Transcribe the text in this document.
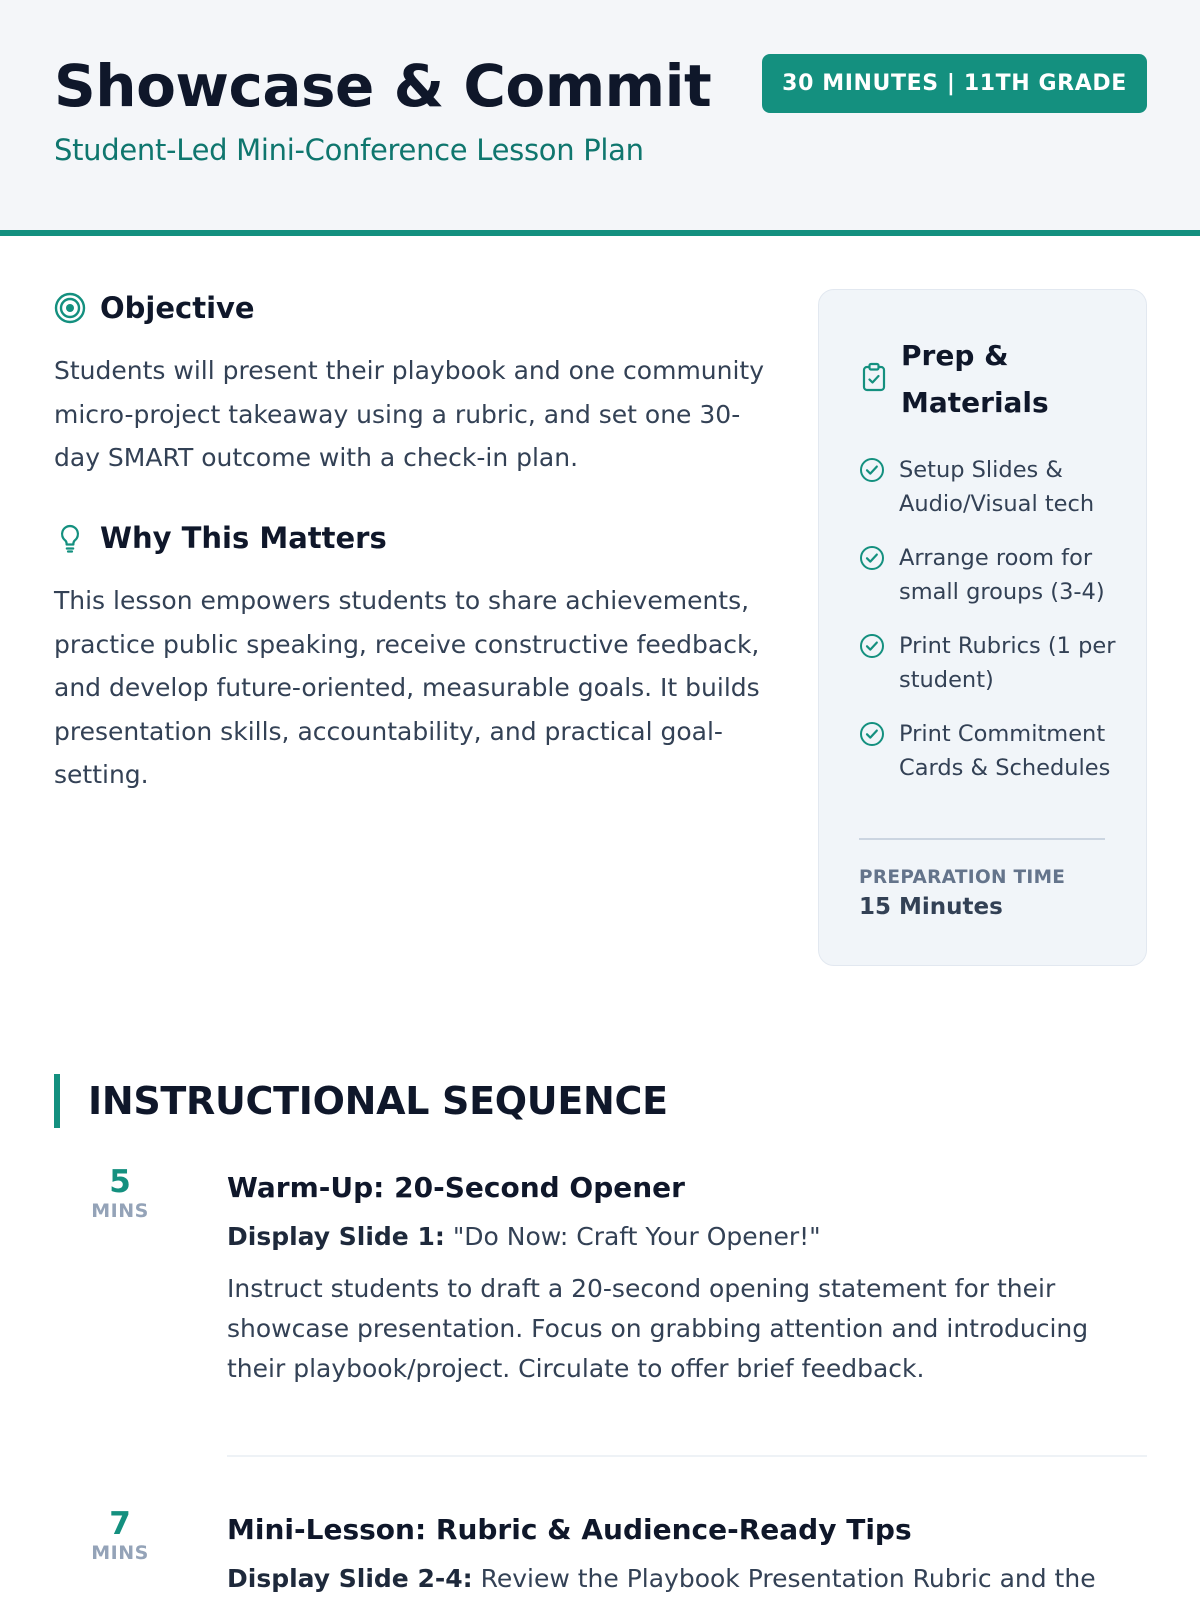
Showcase & Commit
Student-Led Mini-Conference Lesson Plan
30 MINUTES | 11TH GRADE
Objective
Students will present their playbook and one community micro-project takeaway using a rubric, and set one 30-day SMART outcome with a check-in plan.
Why This Matters
This lesson empowers students to share achievements, practice public speaking, receive constructive feedback, and develop future-oriented, measurable goals. It builds presentation skills, accountability, and practical goal-setting.
Prep & Materials
Setup Slides & Audio/Visual tech
Arrange room for small groups (3-4)
Print Rubrics (1 per student)
Print Commitment Cards & Schedules
PREPARATION TIME
15 Minutes
INSTRUCTIONAL SEQUENCE
5
MINS
Warm-Up: 20-Second Opener
Display Slide 1: "Do Now: Craft Your Opener!"
Instruct students to draft a 20-second opening statement for their showcase presentation. Focus on grabbing attention and introducing their playbook/project. Circulate to offer brief feedback.
7
MINS
Mini-Lesson: Rubric & Audience-Ready Tips
Display Slide 2-4: Review the Playbook Presentation Rubric and the
